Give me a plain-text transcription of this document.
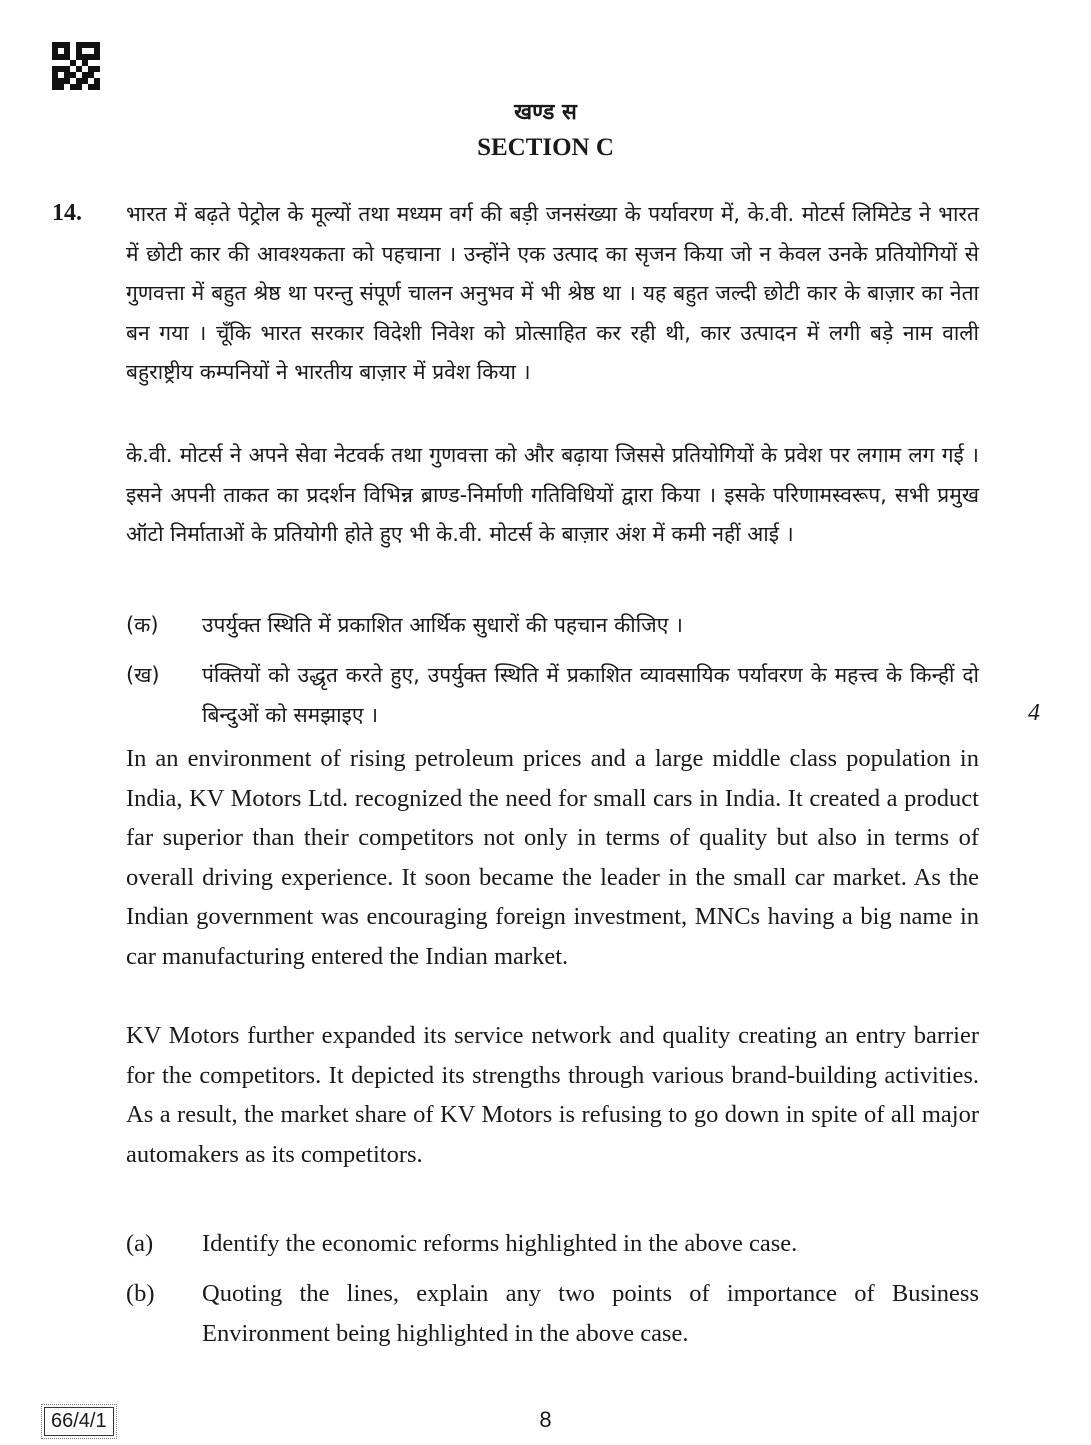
खण्ड स
SECTION C
14. भारत में बढ़ते पेट्रोल के मूल्यों तथा मध्यम वर्ग की बड़ी जनसंख्या के पर्यावरण में, के.वी. मोटर्स लिमिटेड ने भारत में छोटी कार की आवश्यकता को पहचाना । उन्होंने एक उत्पाद का सृजन किया जो न केवल उनके प्रतियोगियों से गुणवत्ता में बहुत श्रेष्ठ था परन्तु संपूर्ण चालन अनुभव में भी श्रेष्ठ था । यह बहुत जल्दी छोटी कार के बाज़ार का नेता बन गया । चूँकि भारत सरकार विदेशी निवेश को प्रोत्साहित कर रही थी, कार उत्पादन में लगी बड़े नाम वाली बहुराष्ट्रीय कम्पनियों ने भारतीय बाज़ार में प्रवेश किया ।
के.वी. मोटर्स ने अपने सेवा नेटवर्क तथा गुणवत्ता को और बढ़ाया जिससे प्रतियोगियों के प्रवेश पर लगाम लग गई । इसने अपनी ताकत का प्रदर्शन विभिन्न ब्राण्ड-निर्माणी गतिविधियों द्वारा किया । इसके परिणामस्वरूप, सभी प्रमुख ऑटो निर्माताओं के प्रतियोगी होते हुए भी के.वी. मोटर्स के बाज़ार अंश में कमी नहीं आई ।
(क) उपर्युक्त स्थिति में प्रकाशित आर्थिक सुधारों की पहचान कीजिए ।
(ख) पंक्तियों को उद्धृत करते हुए, उपर्युक्त स्थिति में प्रकाशित व्यावसायिक पर्यावरण के महत्त्व के किन्हीं दो बिन्दुओं को समझाइए ।	4
In an environment of rising petroleum prices and a large middle class population in India, KV Motors Ltd. recognized the need for small cars in India. It created a product far superior than their competitors not only in terms of quality but also in terms of overall driving experience. It soon became the leader in the small car market. As the Indian government was encouraging foreign investment, MNCs having a big name in car manufacturing entered the Indian market.
KV Motors further expanded its service network and quality creating an entry barrier for the competitors. It depicted its strengths through various brand-building activities. As a result, the market share of KV Motors is refusing to go down in spite of all major automakers as its competitors.
(a) Identify the economic reforms highlighted in the above case.
(b) Quoting the lines, explain any two points of importance of Business Environment being highlighted in the above case.
66/4/1	8
